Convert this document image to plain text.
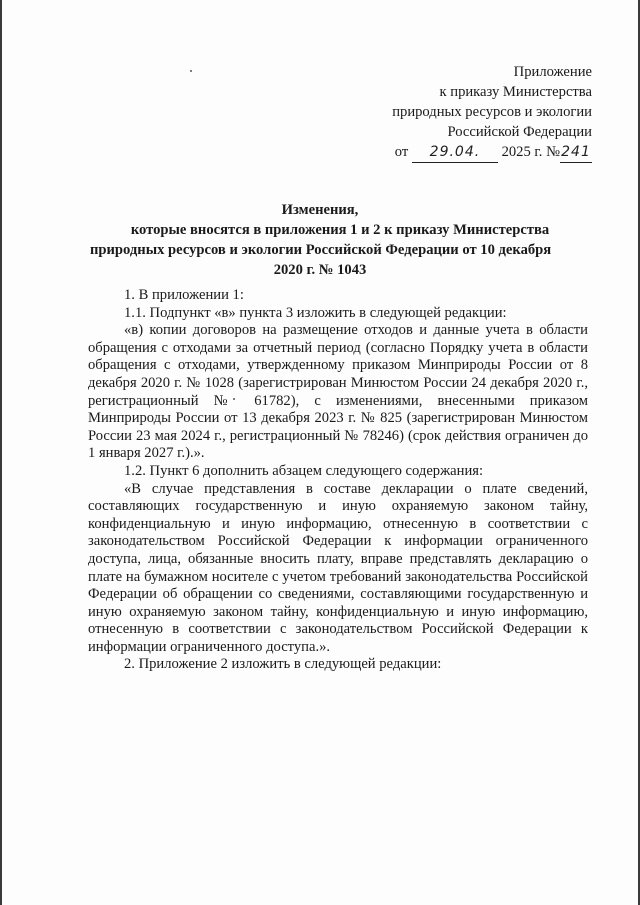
Приложение
к приказу Министерства
природных ресурсов и экологии
Российской Федерации
от 29.04. 2025 г. №241
Изменения,
которые вносятся в приложения 1 и 2 к приказу Министерства
природных ресурсов и экологии Российской Федерации от 10 декабря
2020 г. № 1043

1. В приложении 1:

1.1. Подпункт «в» пункта 3 изложить в следующей редакции:

«в) копии договоров на размещение отходов и данные учета в области обращения с отходами за отчетный период (согласно Порядку учета в области обращения с отходами, утвержденному приказом Минприроды России от 8 декабря 2020 г. № 1028 (зарегистрирован Минюстом России 24 декабря 2020 г., регистрационный № 61782), с изменениями, внесенными приказом Минприроды России от 13 декабря 2023 г. № 825 (зарегистрирован Минюстом России 23 мая 2024 г., регистрационный № 78246) (срок действия ограничен до 1 января 2027 г.).».

1.2. Пункт 6 дополнить абзацем следующего содержания:

«В случае представления в составе декларации о плате сведений, составляющих государственную и иную охраняемую законом тайну, конфиденциальную и иную информацию, отнесенную в соответствии с законодательством Российской Федерации к информации ограниченного доступа, лица, обязанные вносить плату, вправе представлять декларацию о плате на бумажном носителе с учетом требований законодательства Российской Федерации об обращении со сведениями, составляющими государственную и иную охраняемую законом тайну, конфиденциальную и иную информацию, отнесенную в соответствии с законодательством Российской Федерации к информации ограниченного доступа.».

2. Приложение 2 изложить в следующей редакции:
